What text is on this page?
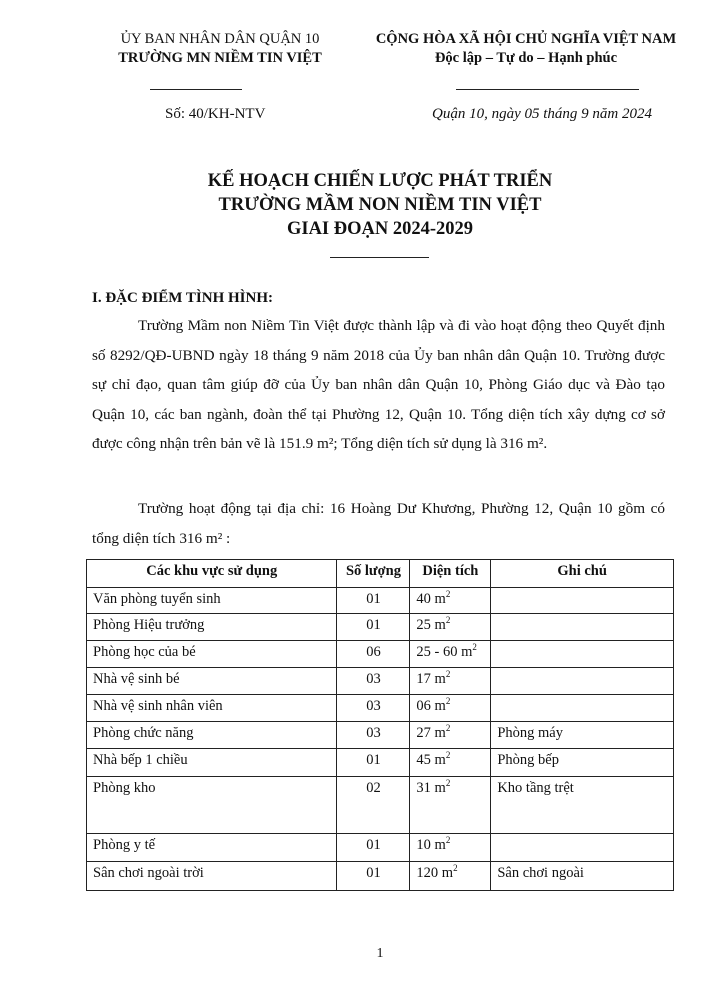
ỦY BAN NHÂN DÂN QUẬN 10
TRƯỜNG MN NIỀM TIN VIỆT
CỘNG HÒA XÃ HỘI CHỦ NGHĨA VIỆT NAM
Độc lập – Tự do – Hạnh phúc
Số: 40/KH-NTV	Quận 10, ngày 05 tháng 9 năm 2024
KẾ HOẠCH CHIẾN LƯỢC PHÁT TRIỂN
TRƯỜNG MẦM NON NIỀM TIN VIỆT
GIAI ĐOẠN 2024-2029
I. ĐẶC ĐIỂM TÌNH HÌNH:
Trường Mầm non Niềm Tin Việt được thành lập và đi vào hoạt động theo Quyết định số 8292/QĐ-UBND ngày 18 tháng 9 năm 2018 của Ủy ban nhân dân Quận 10. Trường được sự chỉ đạo, quan tâm giúp đỡ của Ủy ban nhân dân Quận 10, Phòng Giáo dục và Đào tạo Quận 10, các ban ngành, đoàn thể tại Phường 12, Quận 10. Tổng diện tích xây dựng cơ sở được công nhận trên bản vẽ là 151.9 m²; Tổng diện tích sử dụng là 316 m².
Trường hoạt động tại địa chỉ: 16 Hoàng Dư Khương, Phường 12, Quận 10 gồm có tổng diện tích 316 m² :
Các khu vực sử dụng	Số lượng	Diện tích	Ghi chú
Văn phòng tuyển sinh	01	40 $m^2$	
Phòng Hiệu trưởng	01	25 $m^2$	
Phòng học của bé	06	25 - 60 $m^2$	
Nhà vệ sinh bé	03	17 $m^2$	
Nhà vệ sinh nhân viên	03	06 $m^2$	
Phòng chức năng	03	27 $m^2$	Phòng máy
Nhà bếp 1 chiều	01	45 $m^2$	Phòng bếp
Phòng kho	02	31 $m^2$	Kho tầng trệt
Phòng y tế	01	10 $m^2$	
Sân chơi ngoài trời	01	120 $m^2$	Sân chơi ngoài
1
